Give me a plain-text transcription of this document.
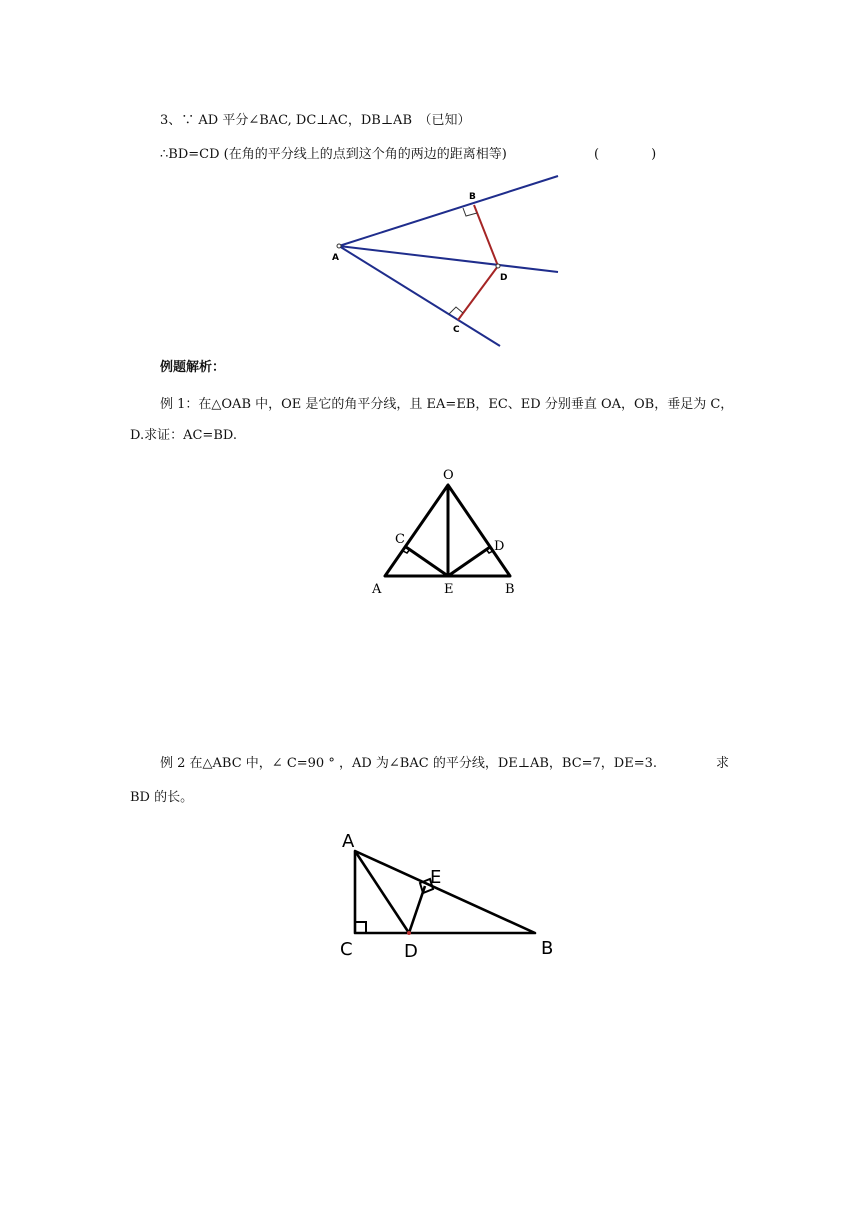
3、∵ AD 平分∠BAC, DC⊥AC，DB⊥AB　（已知）
∴BD=CD (在角的平分线上的点到这个角的两边的距离相等)	(　　　　)
A
B
C
D
例题解析：
例 1：在△OAB 中，OE 是它的角平分线，且 EA=EB，EC、ED 分别垂直 OA，OB，垂足为 C，
D.求证：AC=BD.
O
A	E	B
C	D
例 2 在△ABC 中，∠ C=90 ° ，AD 为∠BAC 的平分线，DE⊥AB，BC=7，DE=3.	求
BD 的长。
A
C	D	B
E
